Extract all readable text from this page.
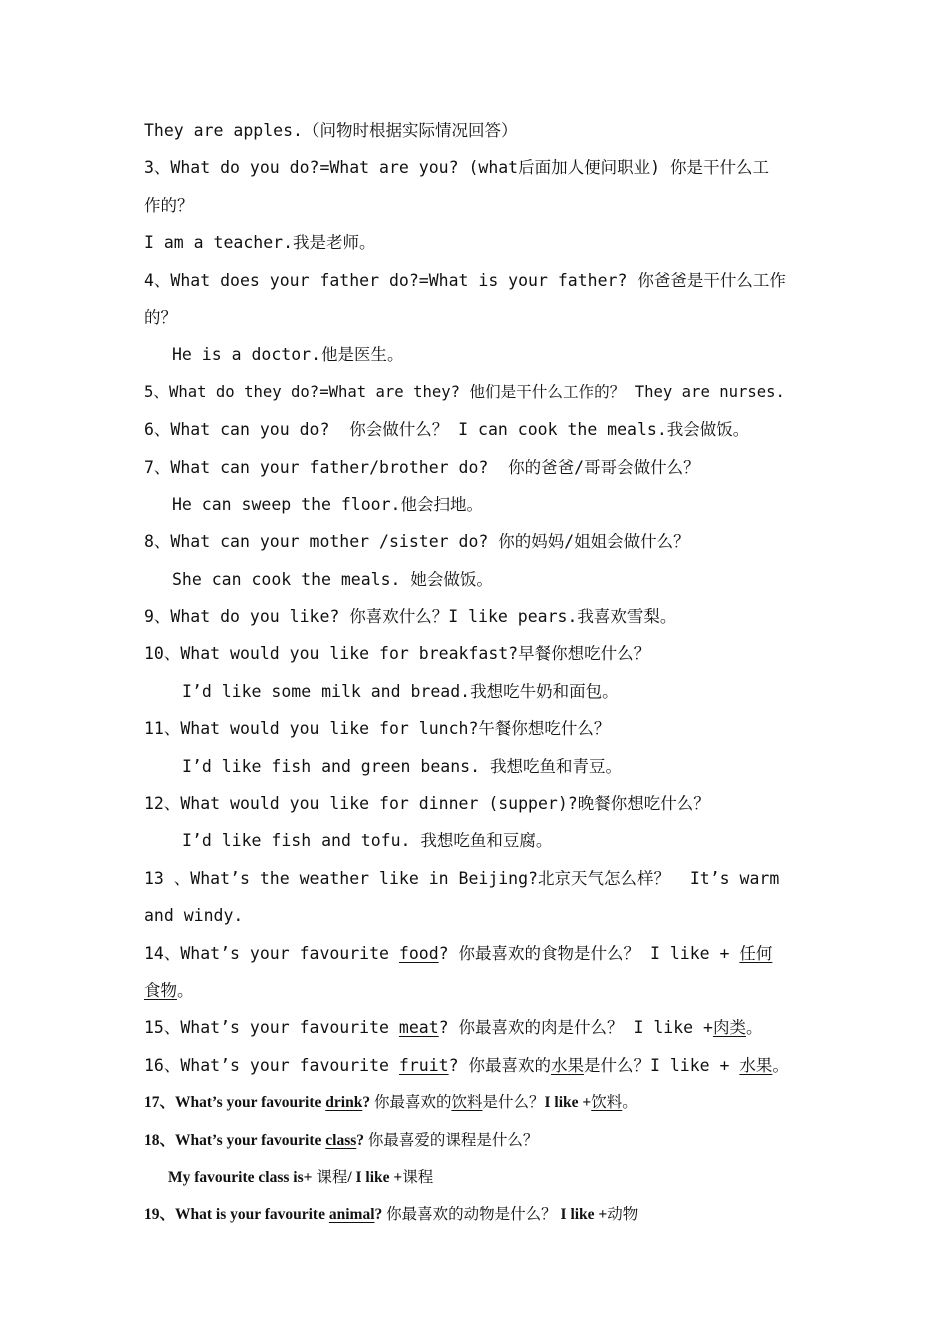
They are apples.（问物时根据实际情况回答）
3、What do you do?=What are you? (what后面加人便问职业) 你是干什么工
作的？
I am a teacher.我是老师。
4、What does your father do?=What is your father? 你爸爸是干什么工作
的？
He is a doctor.他是医生。
5、What do they do?=What are they? 他们是干什么工作的？ They are nurses.
6、What can you do?  你会做什么？ I can cook the meals.我会做饭。
7、What can your father/brother do?  你的爸爸/哥哥会做什么？
He can sweep the floor.他会扫地。
8、What can your mother /sister do? 你的妈妈/姐姐会做什么？
She can cook the meals. 她会做饭。
9、What do you like? 你喜欢什么？I like pears.我喜欢雪梨。
10、What would you like for breakfast?早餐你想吃什么？
I’d like some milk and bread.我想吃牛奶和面包。
11、What would you like for lunch?午餐你想吃什么？
I’d like fish and green beans. 我想吃鱼和青豆。
12、What would you like for dinner (supper)?晚餐你想吃什么？
I’d like fish and tofu. 我想吃鱼和豆腐。
13 、What’s the weather like in Beijing?北京天气怎么样？  It’s warm
and windy.
14、What’s your favourite food? 你最喜欢的食物是什么？ I like + 任何
食物。
15、What’s your favourite meat? 你最喜欢的肉是什么？ I like +肉类。
16、What’s your favourite fruit? 你最喜欢的水果是什么？I like + 水果。
17、What’s your favourite drink? 你最喜欢的饮料是什么？I like +饮料。
18、What’s your favourite class? 你最喜爱的课程是什么？
My favourite class is+ 课程/ I like +课程
19、What is your favourite animal? 你最喜欢的动物是什么？ I like +动物
